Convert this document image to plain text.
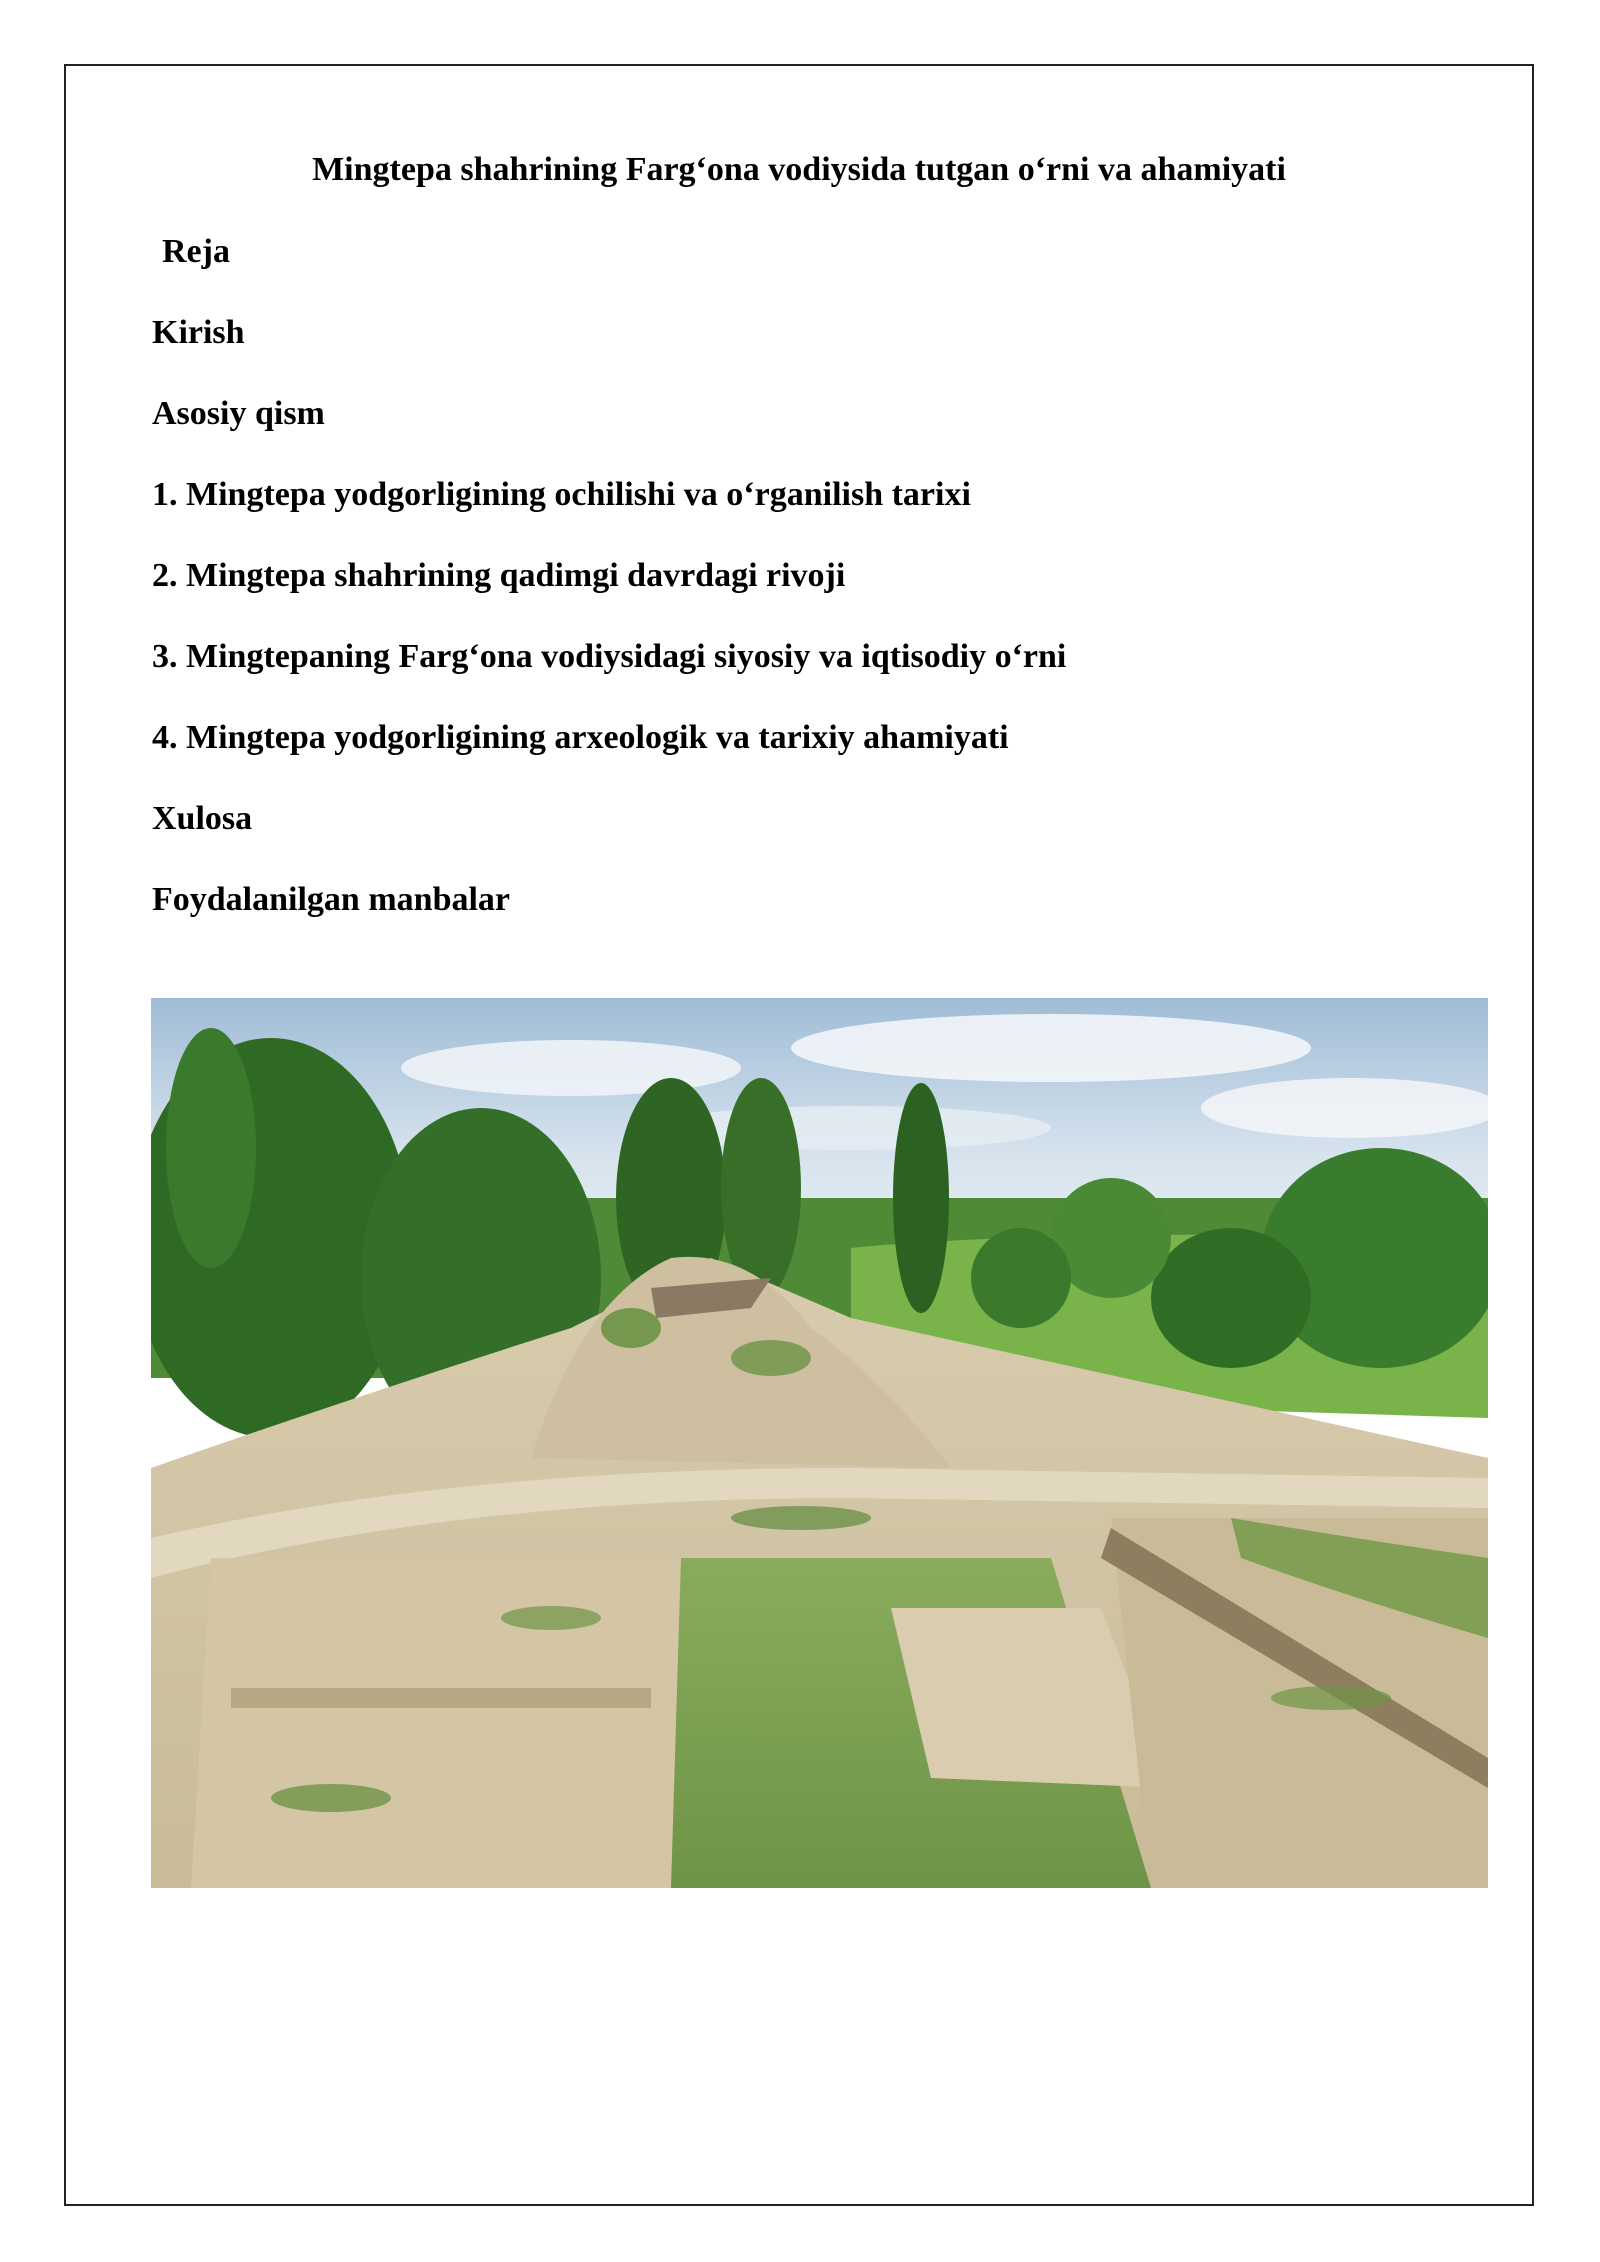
Mingtepa shahrining Farg‘ona vodiysida tutgan o‘rni va ahamiyati
Reja
Kirish
Asosiy qism
1. Mingtepa yodgorligining ochilishi va o‘rganilish tarixi
2. Mingtepa shahrining qadimgi davrdagi rivoji
3. Mingtepaning Farg‘ona vodiysidagi siyosiy va iqtisodiy o‘rni
4. Mingtepa yodgorligining arxeologik va tarixiy ahamiyati
Xulosa
Foydalanilgan manbalar
